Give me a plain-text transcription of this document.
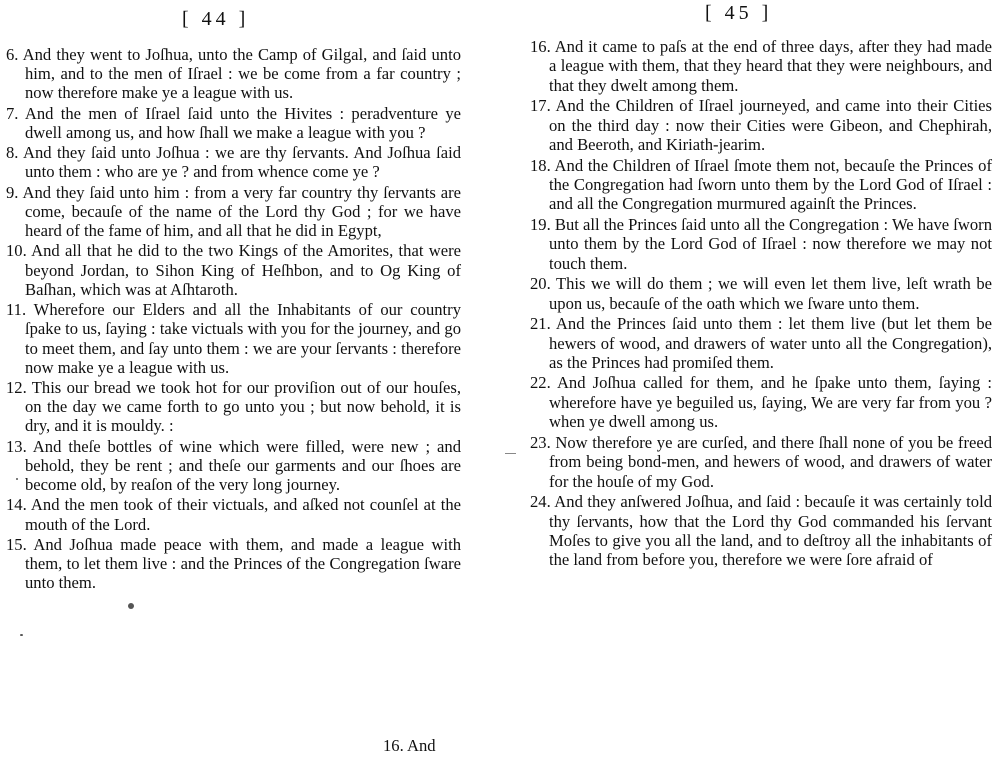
[ 44 ]
6. And they went to Joſhua, unto the Camp of Gilgal, and ſaid unto him, and to the men of Iſrael : we be come from a far country ; now therefore make ye a league with us.
7. And the men of Iſrael ſaid unto the Hivites : peradventure ye dwell among us, and how ſhall we make a league with you ?
8. And they ſaid unto Joſhua : we are thy ſervants. And Joſhua ſaid unto them : who are ye ? and from whence come ye ?
9. And they ſaid unto him : from a very far country thy ſervants are come, becauſe of the name of the Lord thy God ; for we have heard of the fame of him, and all that he did in Egypt,
10. And all that he did to the two Kings of the Amorites, that were beyond Jordan, to Sihon King of Heſhbon, and to Og King of Baſhan, which was at Aſhtaroth.
11. Wherefore our Elders and all the Inhabitants of our country ſpake to us, ſaying : take victuals with you for the journey, and go to meet them, and ſay unto them : we are your ſervants : therefore now make ye a league with us.
12. This our bread we took hot for our proviſion out of our houſes, on the day we came forth to go unto you ; but now behold, it is dry, and it is mouldy. :
13. And theſe bottles of wine which were filled, were new ; and behold, they be rent ; and theſe our garments and our ſhoes are become old, by reaſon of the very long journey.
14. And the men took of their victuals, and aſked not counſel at the mouth of the Lord.
15. And Joſhua made peace with them, and made a league with them, to let them live : and the Princes of the Congregation ſware unto them.
16. And
[ 45 ]
16. And it came to paſs at the end of three days, after they had made a league with them, that they heard that they were neighbours, and that they dwelt among them.
17. And the Children of Iſrael journeyed, and came into their Cities on the third day : now their Cities were Gibeon, and Chephirah, and Beeroth, and Kiriath-jearim.
18. And the Children of Iſrael ſmote them not, becauſe the Princes of the Congregation had ſworn unto them by the Lord God of Iſrael : and all the Congregation murmured againſt the Princes.
19. But all the Princes ſaid unto all the Congregation : We have ſworn unto them by the Lord God of Iſrael : now therefore we may not touch them.
20. This we will do them ; we will even let them live, leſt wrath be upon us, becauſe of the oath which we ſware unto them.
21. And the Princes ſaid unto them : let them live (but let them be hewers of wood, and drawers of water unto all the Congregation), as the Princes had promiſed them.
22. And Joſhua called for them, and he ſpake unto them, ſaying : wherefore have ye beguiled us, ſaying, We are very far from you ? when ye dwell among us.
23. Now therefore ye are curſed, and there ſhall none of you be freed from being bond-men, and hewers of wood, and drawers of water for the houſe of my God.
24. And they anſwered Joſhua, and ſaid : becauſe it was certainly told thy ſervants, how that the Lord thy God commanded his ſervant Moſes to give you all the land, and to deſtroy all the inhabitants of the land from before you, therefore we were ſore afraid of
